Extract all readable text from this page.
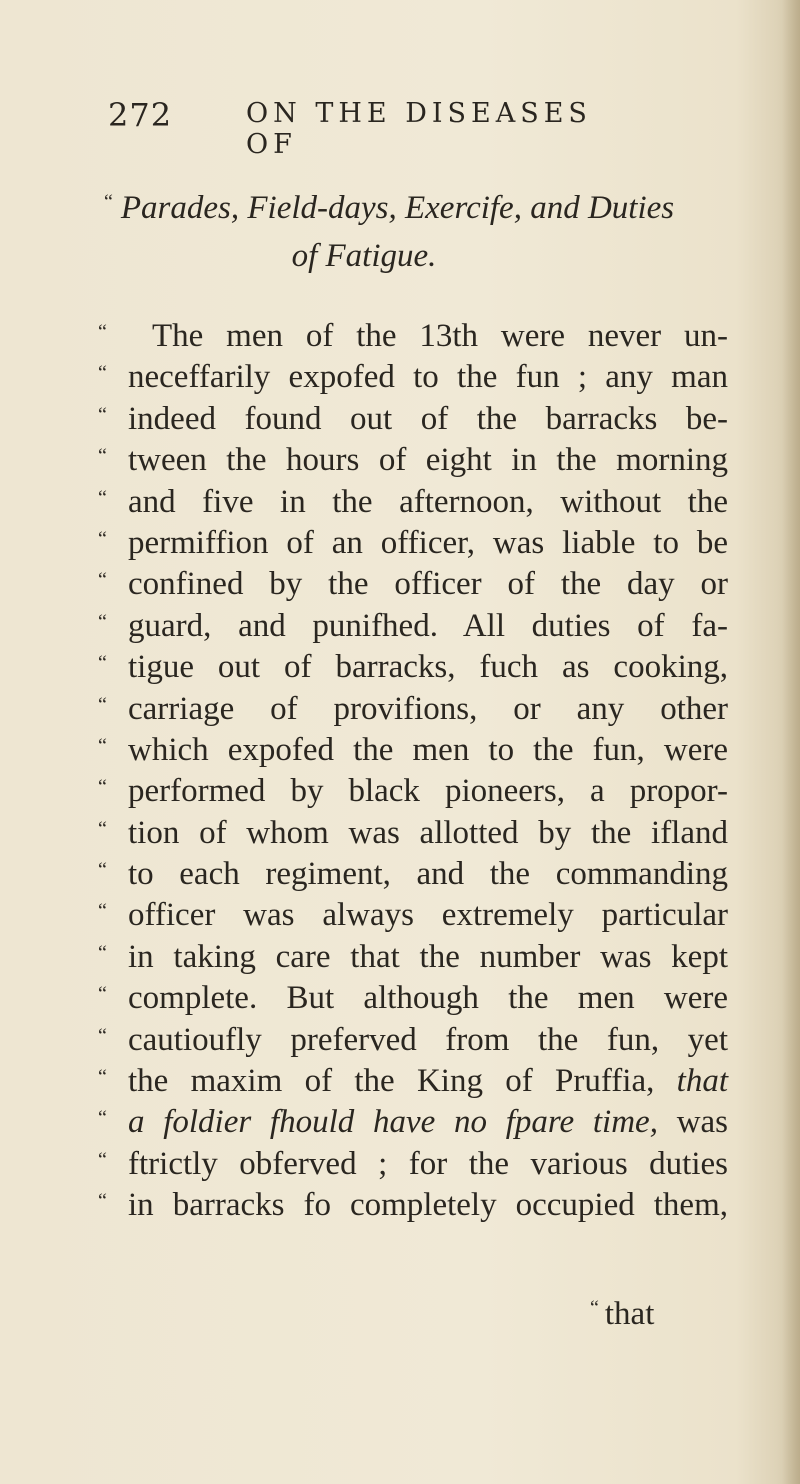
272	ON THE DISEASES OF
“ Parades, Field-days, Exercife, and Duties
of Fatigue.
“ The men of the 13th were never un-
“ neceffarily expofed to the fun ; any man
“ indeed found out of the barracks be-
“ tween the hours of eight in the morning
“ and five in the afternoon, without the
“ permiffion of an officer, was liable to be
“ confined by the officer of the day or
“ guard, and punifhed. All duties of fa-
“ tigue out of barracks, fuch as cooking,
“ carriage of provifions, or any other
“ which expofed the men to the fun, were
“ performed by black pioneers, a propor-
“ tion of whom was allotted by the ifland
“ to each regiment, and the commanding
“ officer was always extremely particular
“ in taking care that the number was kept
“ complete. But although the men were
“ cautioufly preferved from the fun, yet
“ the maxim of the King of Pruffia, that
“ a foldier fhould have no fpare time, was
“ ftrictly obferved ; for the various duties
“ in barracks fo completely occupied them,
“ that
